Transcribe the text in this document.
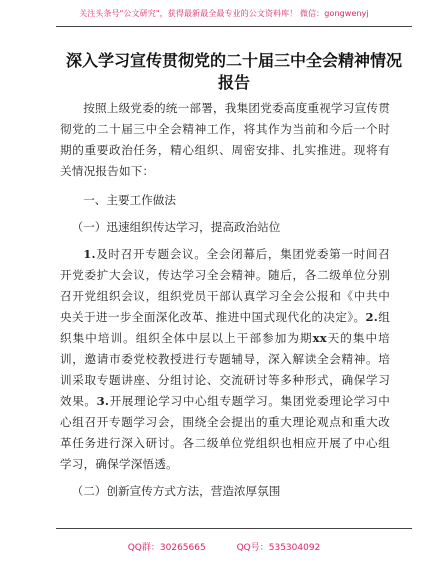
关注头条号"公文研究"，获得最新最全最专业的公文资料库！ 微信：gongwenyj
深入学习宣传贯彻党的二十届三中全会精神情况报告

按照上级党委的统一部署，我集团党委高度重视学习宣传贯彻党的二十届三中全会精神工作，将其作为当前和今后一个时期的重要政治任务，精心组织、周密安排、扎实推进。现将有关情况报告如下：

一、主要工作做法

（一）迅速组织传达学习，提高政治站位

1.及时召开专题会议。全会闭幕后，集团党委第一时间召开党委扩大会议，传达学习全会精神。随后，各二级单位分别召开党组织会议，组织党员干部认真学习全会公报和《中共中央关于进一步全面深化改革、推进中国式现代化的决定》。2.组织集中培训。组织全体中层以上干部参加为期xx天的集中培训，邀请市委党校教授进行专题辅导，深入解读全会精神。培训采取专题讲座、分组讨论、交流研讨等多种形式，确保学习效果。3.开展理论学习中心组专题学习。集团党委理论学习中心组召开专题学习会，围绕全会提出的重大理论观点和重大改革任务进行深入研讨。各二级单位党组织也相应开展了中心组学习，确保学深悟透。

（二）创新宣传方式方法，营造浓厚氛围

QQ群：30265665	QQ号：535304092
